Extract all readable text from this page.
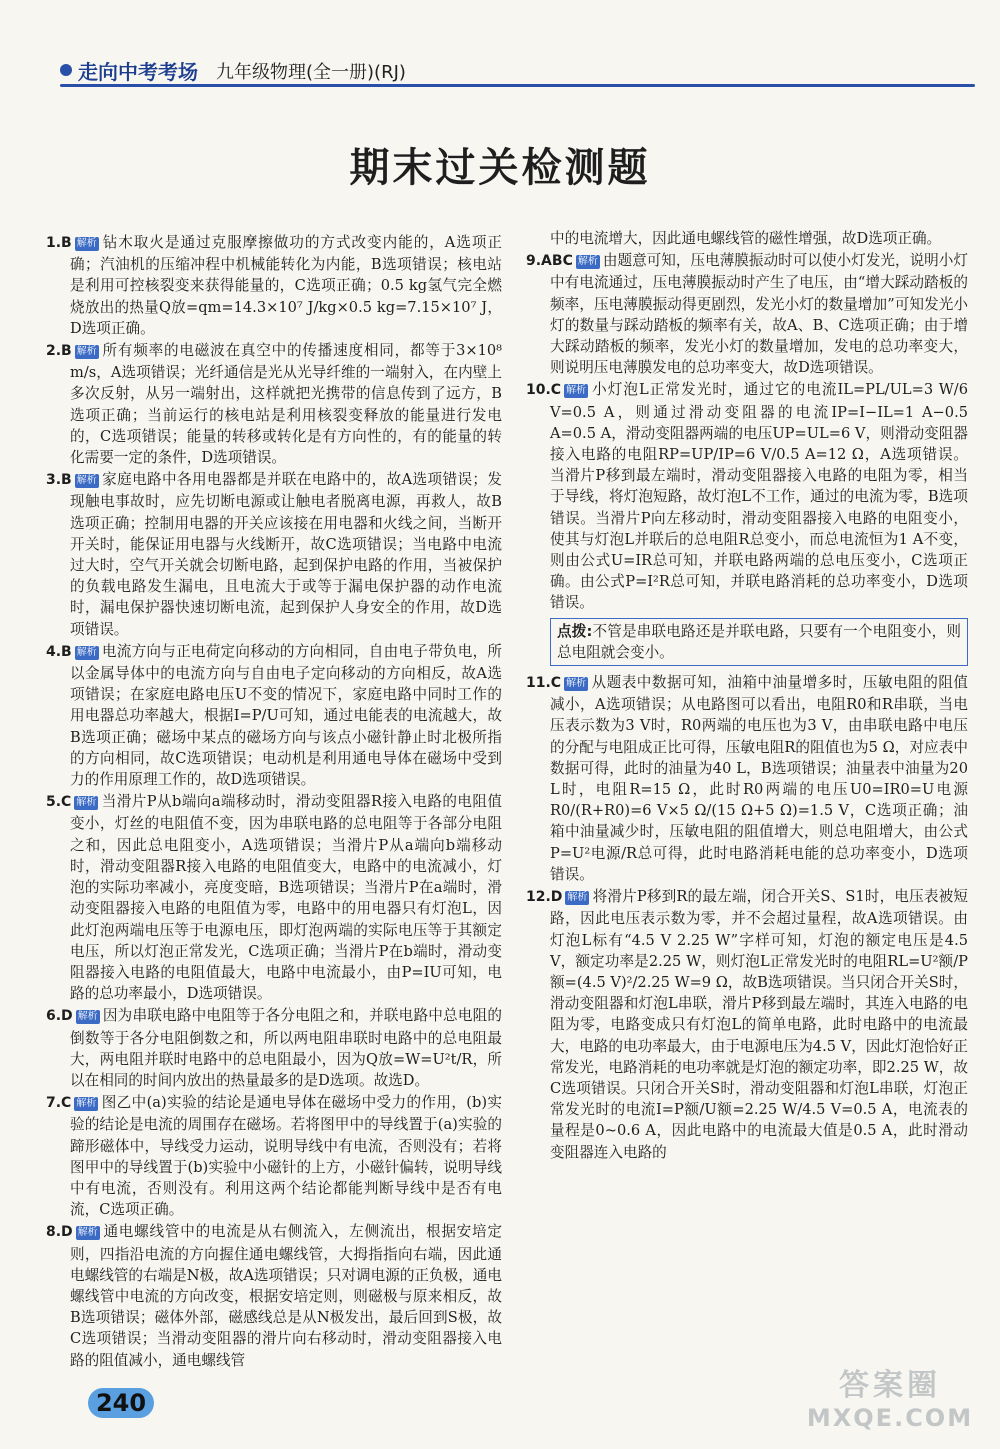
走向中考考场 九年级物理(全一册)(RJ)
期末过关检测题
1.B 解析 钻木取火是通过克服摩擦做功的方式改变内能的，A选项正确；汽油机的压缩冲程中机械能转化为内能，B选项错误；核电站是利用可控核裂变来获得能量的，C选项正确；0.5 kg氢气完全燃烧放出的热量Q放=qm=14.3×10⁷ J/kg×0.5 kg=7.15×10⁷ J，D选项正确。
2.B 解析 所有频率的电磁波在真空中的传播速度相同，都等于3×10⁸ m/s，A选项错误；光纤通信是光从光导纤维的一端射入，在内壁上多次反射，从另一端射出，这样就把光携带的信息传到了远方，B选项正确；当前运行的核电站是利用核裂变释放的能量进行发电的，C选项错误；能量的转移或转化是有方向性的，有的能量的转化需要一定的条件，D选项错误。
3.B 解析 家庭电路中各用电器都是并联在电路中的，故A选项错误；发现触电事故时，应先切断电源或让触电者脱离电源，再救人，故B选项正确；控制用电器的开关应该接在用电器和火线之间，当断开开关时，能保证用电器与火线断开，故C选项错误；当电路中电流过大时，空气开关就会切断电路，起到保护电路的作用，当被保护的负载电路发生漏电，且电流大于或等于漏电保护器的动作电流时，漏电保护器快速切断电流，起到保护人身安全的作用，故D选项错误。
4.B 解析 电流方向与正电荷定向移动的方向相同，自由电子带负电，所以金属导体中的电流方向与自由电子定向移动的方向相反，故A选项错误；在家庭电路电压U不变的情况下，家庭电路中同时工作的用电器总功率越大，根据I=P/U可知，通过电能表的电流越大，故B选项正确；磁场中某点的磁场方向与该点小磁针静止时北极所指的方向相同，故C选项错误；电动机是利用通电导体在磁场中受到力的作用原理工作的，故D选项错误。
5.C 解析 当滑片P从b端向a端移动时，滑动变阻器R接入电路的电阻值变小，灯丝的电阻值不变，因为串联电路的总电阻等于各部分电阻之和，因此总电阻变小，A选项错误；当滑片P从a端向b端移动时，滑动变阻器R接入电路的电阻值变大，电路中的电流减小，灯泡的实际功率减小，亮度变暗，B选项错误；当滑片P在a端时，滑动变阻器接入电路的电阻值为零，电路中的用电器只有灯泡L，因此灯泡两端电压等于电源电压，即灯泡两端的实际电压等于其额定电压，所以灯泡正常发光，C选项正确；当滑片P在b端时，滑动变阻器接入电路的电阻值最大，电路中电流最小，由P=IU可知，电路的总功率最小，D选项错误。
6.D 解析 因为串联电路中电阻等于各分电阻之和，并联电路中总电阻的倒数等于各分电阻倒数之和，所以两电阻串联时电路中的总电阻最大，两电阻并联时电路中的总电阻最小，因为Q放=W=U²t/R，所以在相同的时间内放出的热量最多的是D选项。故选D。
7.C 解析 图乙中(a)实验的结论是通电导体在磁场中受力的作用，(b)实验的结论是电流的周围存在磁场。若将图甲中的导线置于(a)实验的蹄形磁体中，导线受力运动，说明导线中有电流，否则没有；若将图甲中的导线置于(b)实验中小磁针的上方，小磁针偏转，说明导线中有电流，否则没有。利用这两个结论都能判断导线中是否有电流，C选项正确。
8.D 解析 通电螺线管中的电流是从右侧流入，左侧流出，根据安培定则，四指沿电流的方向握住通电螺线管，大拇指指向右端，因此通电螺线管的右端是N极，故A选项错误；只对调电源的正负极，通电螺线管中电流的方向改变，根据安培定则，则磁极与原来相反，故B选项错误；磁体外部，磁感线总是从N极发出，最后回到S极，故C选项错误；当滑动变阻器的滑片向右移动时，滑动变阻器接入电路的阻值减小，通电螺线管
中的电流增大，因此通电螺线管的磁性增强，故D选项正确。
9.ABC 解析 由题意可知，压电薄膜振动时可以使小灯发光，说明小灯中有电流通过，压电薄膜振动时产生了电压，由“增大踩动踏板的频率，压电薄膜振动得更剧烈，发光小灯的数量增加”可知发光小灯的数量与踩动踏板的频率有关，故A、B、C选项正确；由于增大踩动踏板的频率，发光小灯的数量增加，发电的总功率变大，则说明压电薄膜发电的总功率变大，故D选项错误。
10.C 解析 小灯泡L正常发光时，通过它的电流IL=PL/UL=3 W/6 V=0.5 A，则通过滑动变阻器的电流IP=I−IL=1 A−0.5 A=0.5 A，滑动变阻器两端的电压UP=UL=6 V，则滑动变阻器接入电路的电阻RP=UP/IP=6 V/0.5 A=12 Ω，A选项错误。当滑片P移到最左端时，滑动变阻器接入电路的电阻为零，相当于导线，将灯泡短路，故灯泡L不工作，通过的电流为零，B选项错误。当滑片P向左移动时，滑动变阻器接入电路的电阻变小，使其与灯泡L并联后的总电阻R总变小，而总电流恒为1 A不变，则由公式U=IR总可知，并联电路两端的总电压变小，C选项正确。由公式P=I²R总可知，并联电路消耗的总功率变小，D选项错误。
点拨:不管是串联电路还是并联电路，只要有一个电阻变小，则总电阻就会变小。
11.C 解析 从题表中数据可知，油箱中油量增多时，压敏电阻的阻值减小，A选项错误；从电路图可以看出，电阻R0和R串联，当电压表示数为3 V时，R0两端的电压也为3 V，由串联电路中电压的分配与电阻成正比可得，压敏电阻R的阻值也为5 Ω，对应表中数据可得，此时的油量为40 L，B选项错误；油量表中油量为20 L时，电阻R=15 Ω，此时R0两端的电压U0=IR0=U电源R0/(R+R0)=6 V×5 Ω/(15 Ω+5 Ω)=1.5 V，C选项正确；油箱中油量减少时，压敏电阻的阻值增大，则总电阻增大，由公式P=U²电源/R总可得，此时电路消耗电能的总功率变小，D选项错误。
12.D 解析 将滑片P移到R的最左端，闭合开关S、S1时，电压表被短路，因此电压表示数为零，并不会超过量程，故A选项错误。由灯泡L标有“4.5 V 2.25 W”字样可知，灯泡的额定电压是4.5 V，额定功率是2.25 W，则灯泡L正常发光时的电阻RL=U²额/P额=(4.5 V)²/2.25 W=9 Ω，故B选项错误。当只闭合开关S时，滑动变阻器和灯泡L串联，滑片P移到最左端时，其连入电路的电阻为零，电路变成只有灯泡L的简单电路，此时电路中的电流最大，电路的电功率最大，由于电源电压为4.5 V，因此灯泡恰好正常发光，电路消耗的电功率就是灯泡的额定功率，即2.25 W，故C选项错误。只闭合开关S时，滑动变阻器和灯泡L串联，灯泡正常发光时的电流I=P额/U额=2.25 W/4.5 V=0.5 A，电流表的量程是0~0.6 A，因此电路中的电流最大值是0.5 A，此时滑动变阻器连入电路的
240	答案圈
MXQE.COM
